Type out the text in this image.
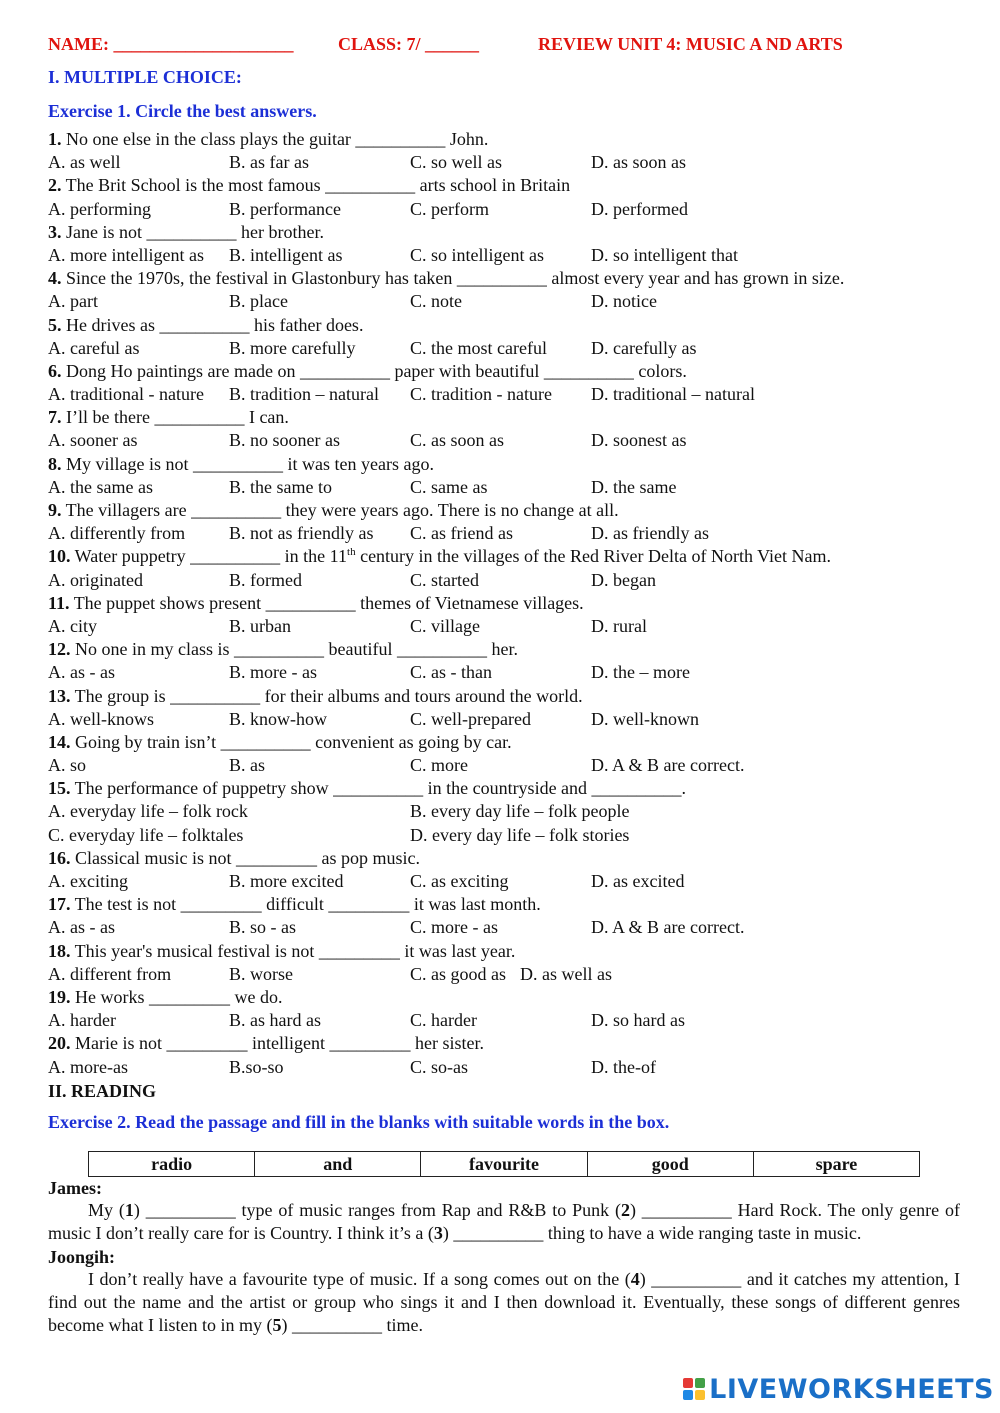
NAME: ____________________	CLASS: 7/ ______	REVIEW UNIT 4: MUSIC A ND ARTS
I. MULTIPLE CHOICE:
Exercise 1. Circle the best answers.
1. No one else in the class plays the guitar __________ John.
A. as well	B. as far as	C. so well as	D. as soon as
2. The Brit School is the most famous __________ arts school in Britain
A. performing	B. performance	C. perform	D. performed
3. Jane is not __________ her brother.
A. more intelligent as	B. intelligent as	C. so intelligent as	D. so intelligent that
4. Since the 1970s, the festival in Glastonbury has taken __________ almost every year and has grown in size.
A. part	B. place	C. note	D. notice
5. He drives as __________ his father does.
A. careful as	B. more carefully	C. the most careful	D. carefully as
6. Dong Ho paintings are made on __________ paper with beautiful __________ colors.
A. traditional - nature	B. tradition – natural	C. tradition - nature	D. traditional – natural
7. I’ll be there __________ I can.
A. sooner as	B. no sooner as	C. as soon as	D. soonest as
8. My village is not __________ it was ten years ago.
A. the same as	B. the same to	C. same as	D. the same
9. The villagers are __________ they were years ago. There is no change at all.
A. differently from	B. not as friendly as	C. as friend as	D. as friendly as
10. Water puppetry __________ in the 11th century in the villages of the Red River Delta of North Viet Nam.
A. originated	B. formed	C. started	D. began
11. The puppet shows present __________ themes of Vietnamese villages.
A. city	B. urban	C. village	D. rural
12. No one in my class is __________ beautiful __________ her.
A. as - as	B. more - as	C. as - than	D. the – more
13. The group is __________ for their albums and tours around the world.
A. well-knows	B. know-how	C. well-prepared	D. well-known
14. Going by train isn’t __________ convenient as going by car.
A. so	B. as	C. more	D. A & B are correct.
15. The performance of puppetry show __________ in the countryside and __________.
A. everyday life – folk rock	B. every day life – folk people
C. everyday life – folktales	D. every day life – folk stories
16. Classical music is not _________ as pop music.
A. exciting	B. more excited	C. as exciting	D. as excited
17. The test is not _________ difficult _________ it was last month.
A. as - as	B. so - as	C. more - as	D. A & B are correct.
18. This year's musical festival is not _________ it was last year.
A. different from	B. worse	C. as good as D. as well as
19. He works _________ we do.
A. harder	B. as hard as	C. harder	D. so hard as
20. Marie is not _________ intelligent _________ her sister.
A. more-as	B.so-so	C. so-as	D. the-of
II. READING
Exercise 2. Read the passage and fill in the blanks with suitable words in the box.
radio	and	favourite	good	spare
James:
My (1) __________ type of music ranges from Rap and R&B to Punk (2) __________ Hard Rock. The only genre of music I don’t really care for is Country. I think it’s a (3) __________ thing to have a wide ranging taste in music.
Joongih:
I don’t really have a favourite type of music. If a song comes out on the (4) __________ and it catches my attention, I find out the name and the artist or group who sings it and I then download it. Eventually, these songs of different genres become what I listen to in my (5) __________ time.
LIVEWORKSHEETS
